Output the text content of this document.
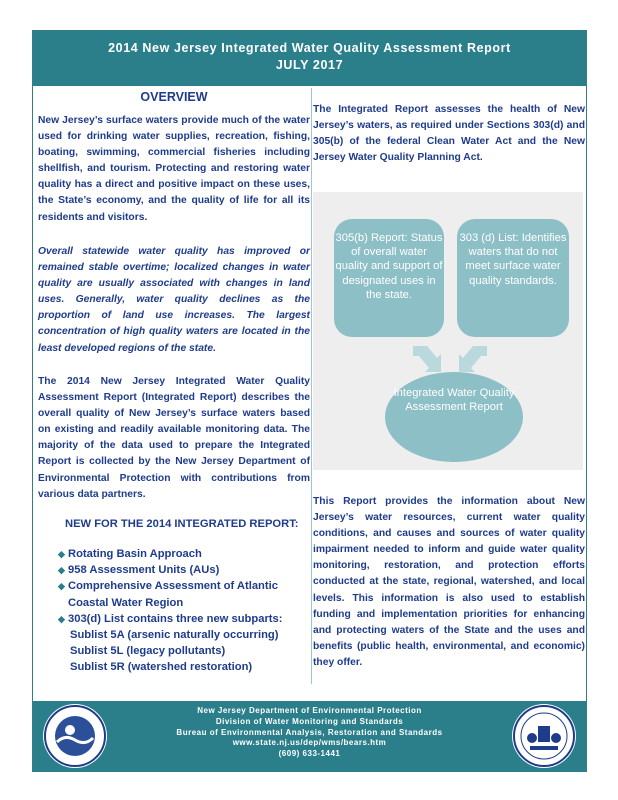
2014 New Jersey Integrated Water Quality Assessment Report
JULY 2017
OVERVIEW

New Jersey’s surface waters provide much of the water used for drinking water supplies, recreation, fishing, boating, swimming, commercial fisheries including shellfish, and tourism. Protecting and restoring water quality has a direct and positive impact on these uses, the State’s economy, and the quality of life for all its residents and visitors.

Overall statewide water quality has improved or remained stable overtime; localized changes in water quality are usually associated with changes in land uses. Generally, water quality declines as the proportion of land use increases. The largest concentration of high quality waters are located in the least developed regions of the state.

The 2014 New Jersey Integrated Water Quality Assessment Report (Integrated Report) describes the overall quality of New Jersey’s surface waters based on existing and readily available monitoring data. The majority of the data used to prepare the Integrated Report is collected by the New Jersey Department of Environmental Protection with contributions from various data partners.

NEW FOR THE 2014 INTEGRATED REPORT:
◆ Rotating Basin Approach
◆ 958 Assessment Units (AUs)
◆ Comprehensive Assessment of Atlantic Coastal Water Region
◆ 303(d) List contains three new subparts:
Sublist 5A (arsenic naturally occurring)
Sublist 5L (legacy pollutants)
Sublist 5R (watershed restoration)

The Integrated Report assesses the health of New Jersey’s waters, as required under Sections 303(d) and 305(b) of the federal Clean Water Act and the New Jersey Water Quality Planning Act.

305(b) Report: Status of overall water quality and support of designated uses in the state.
303 (d) List: Identifies waters that do not meet surface water quality standards.
Integrated Water Quality Assessment Report

This Report provides the information about New Jersey’s water resources, current water quality conditions, and causes and sources of water quality impairment needed to inform and guide water quality monitoring, restoration, and protection efforts conducted at the state, regional, watershed, and local levels. This information is also used to establish funding and implementation priorities for enhancing and protecting waters of the State and the uses and benefits (public health, environmental, and economic) they offer.

New Jersey Department of Environmental Protection
Division of Water Monitoring and Standards
Bureau of Environmental Analysis, Restoration and Standards
www.state.nj.us/dep/wms/bears.htm
(609) 633-1441
